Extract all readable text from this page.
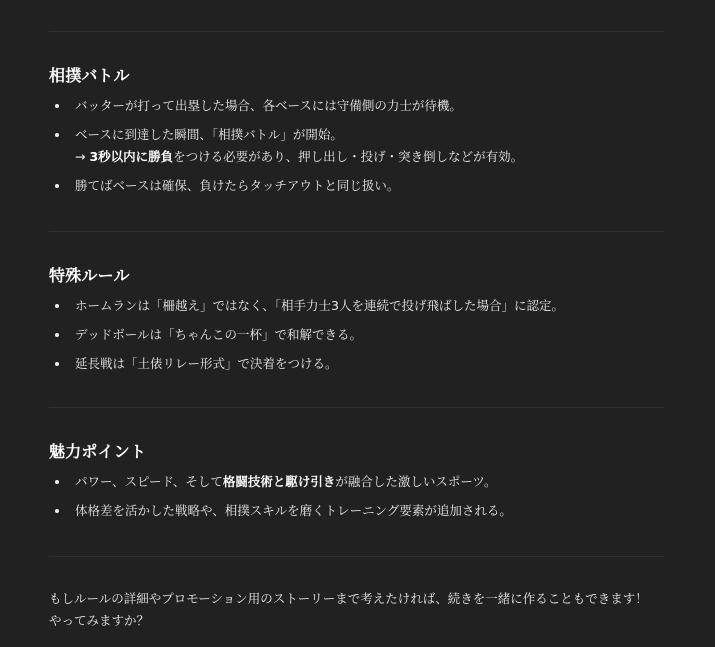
相撲バトル
バッターが打って出塁した場合、各ベースには守備側の力士が待機。
ベースに到達した瞬間、「相撲バトル」が開始。
→ 3秒以内に勝負をつける必要があり、押し出し・投げ・突き倒しなどが有効。
勝てばベースは確保、負けたらタッチアウトと同じ扱い。
特殊ルール
ホームランは「柵越え」ではなく、「相手力士3人を連続で投げ飛ばした場合」に認定。
デッドボールは「ちゃんこの一杯」で和解できる。
延長戦は「土俵リレー形式」で決着をつける。
魅力ポイント
パワー、スピード、そして格闘技術と駆け引きが融合した激しいスポーツ。
体格差を活かした戦略や、相撲スキルを磨くトレーニング要素が追加される。

もしルールの詳細やプロモーション用のストーリーまで考えたければ、続きを一緒に作ることもできます！
やってみますか？
